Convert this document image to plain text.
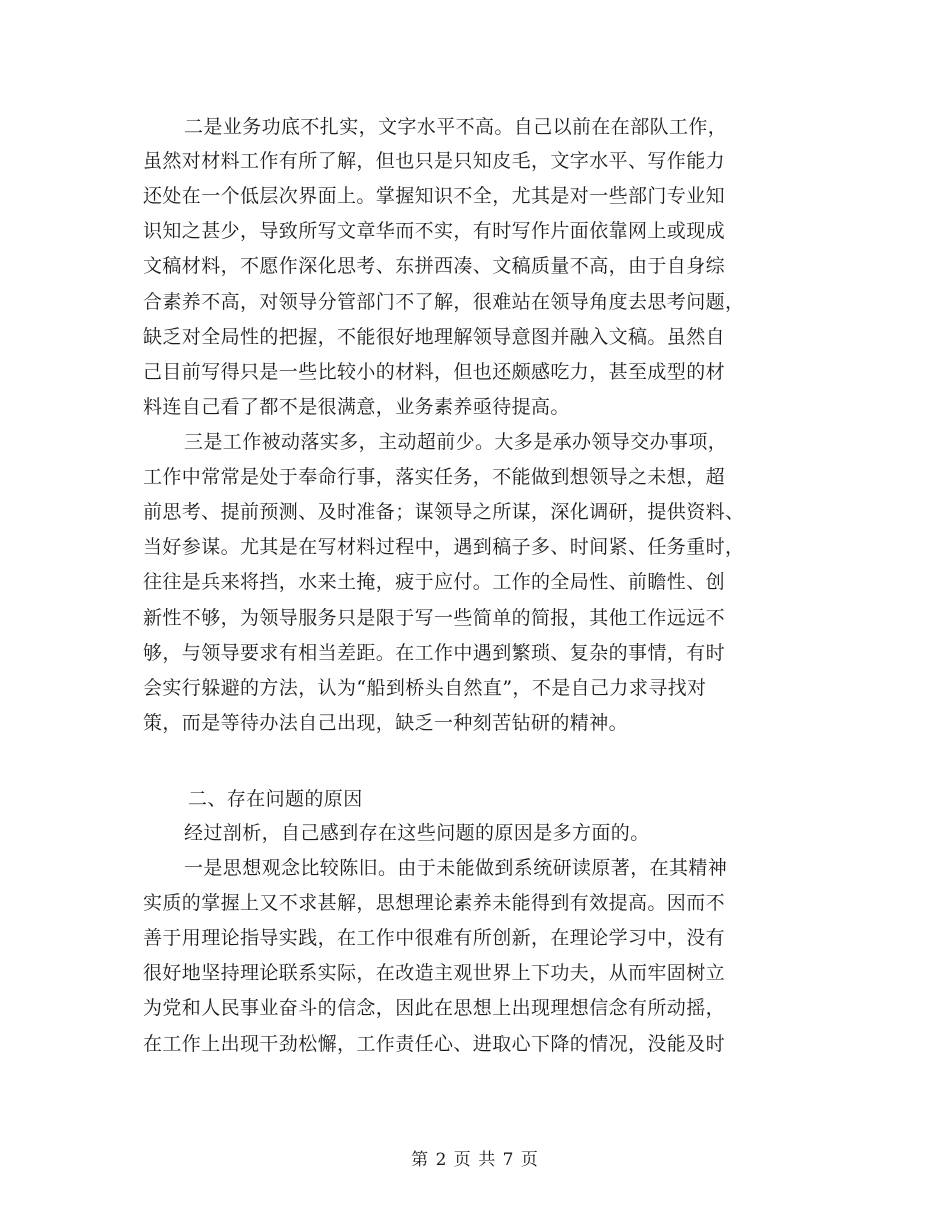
二是业务功底不扎实，文字水平不高。自己以前在在部队工作，
虽然对材料工作有所了解，但也只是只知皮毛，文字水平、写作能力
还处在一个低层次界面上。掌握知识不全，尤其是对一些部门专业知
识知之甚少，导致所写文章华而不实，有时写作片面依靠网上或现成
文稿材料，不愿作深化思考、东拼西凑、文稿质量不高，由于自身综
合素养不高，对领导分管部门不了解，很难站在领导角度去思考问题，
缺乏对全局性的把握，不能很好地理解领导意图并融入文稿。虽然自
己目前写得只是一些比较小的材料，但也还颇感吃力，甚至成型的材
料连自己看了都不是很满意，业务素养亟待提高。
三是工作被动落实多，主动超前少。大多是承办领导交办事项，
工作中常常是处于奉命行事，落实任务，不能做到想领导之未想，超
前思考、提前预测、及时准备；谋领导之所谋，深化调研，提供资料、
当好参谋。尤其是在写材料过程中，遇到稿子多、时间紧、任务重时，
往往是兵来将挡，水来土掩，疲于应付。工作的全局性、前瞻性、创
新性不够，为领导服务只是限于写一些简单的简报，其他工作远远不
够，与领导要求有相当差距。在工作中遇到繁琐、复杂的事情，有时
会实行躲避的方法，认为“船到桥头自然直”，不是自己力求寻找对
策，而是等待办法自己出现，缺乏一种刻苦钻研的精神。
二、存在问题的原因
经过剖析，自己感到存在这些问题的原因是多方面的。
一是思想观念比较陈旧。由于未能做到系统研读原著，在其精神
实质的掌握上又不求甚解，思想理论素养未能得到有效提高。因而不
善于用理论指导实践，在工作中很难有所创新，在理论学习中，没有
很好地坚持理论联系实际，在改造主观世界上下功夫，从而牢固树立
为党和人民事业奋斗的信念，因此在思想上出现理想信念有所动摇，
在工作上出现干劲松懈，工作责任心、进取心下降的情况，没能及时
第 2 页 共 7 页
